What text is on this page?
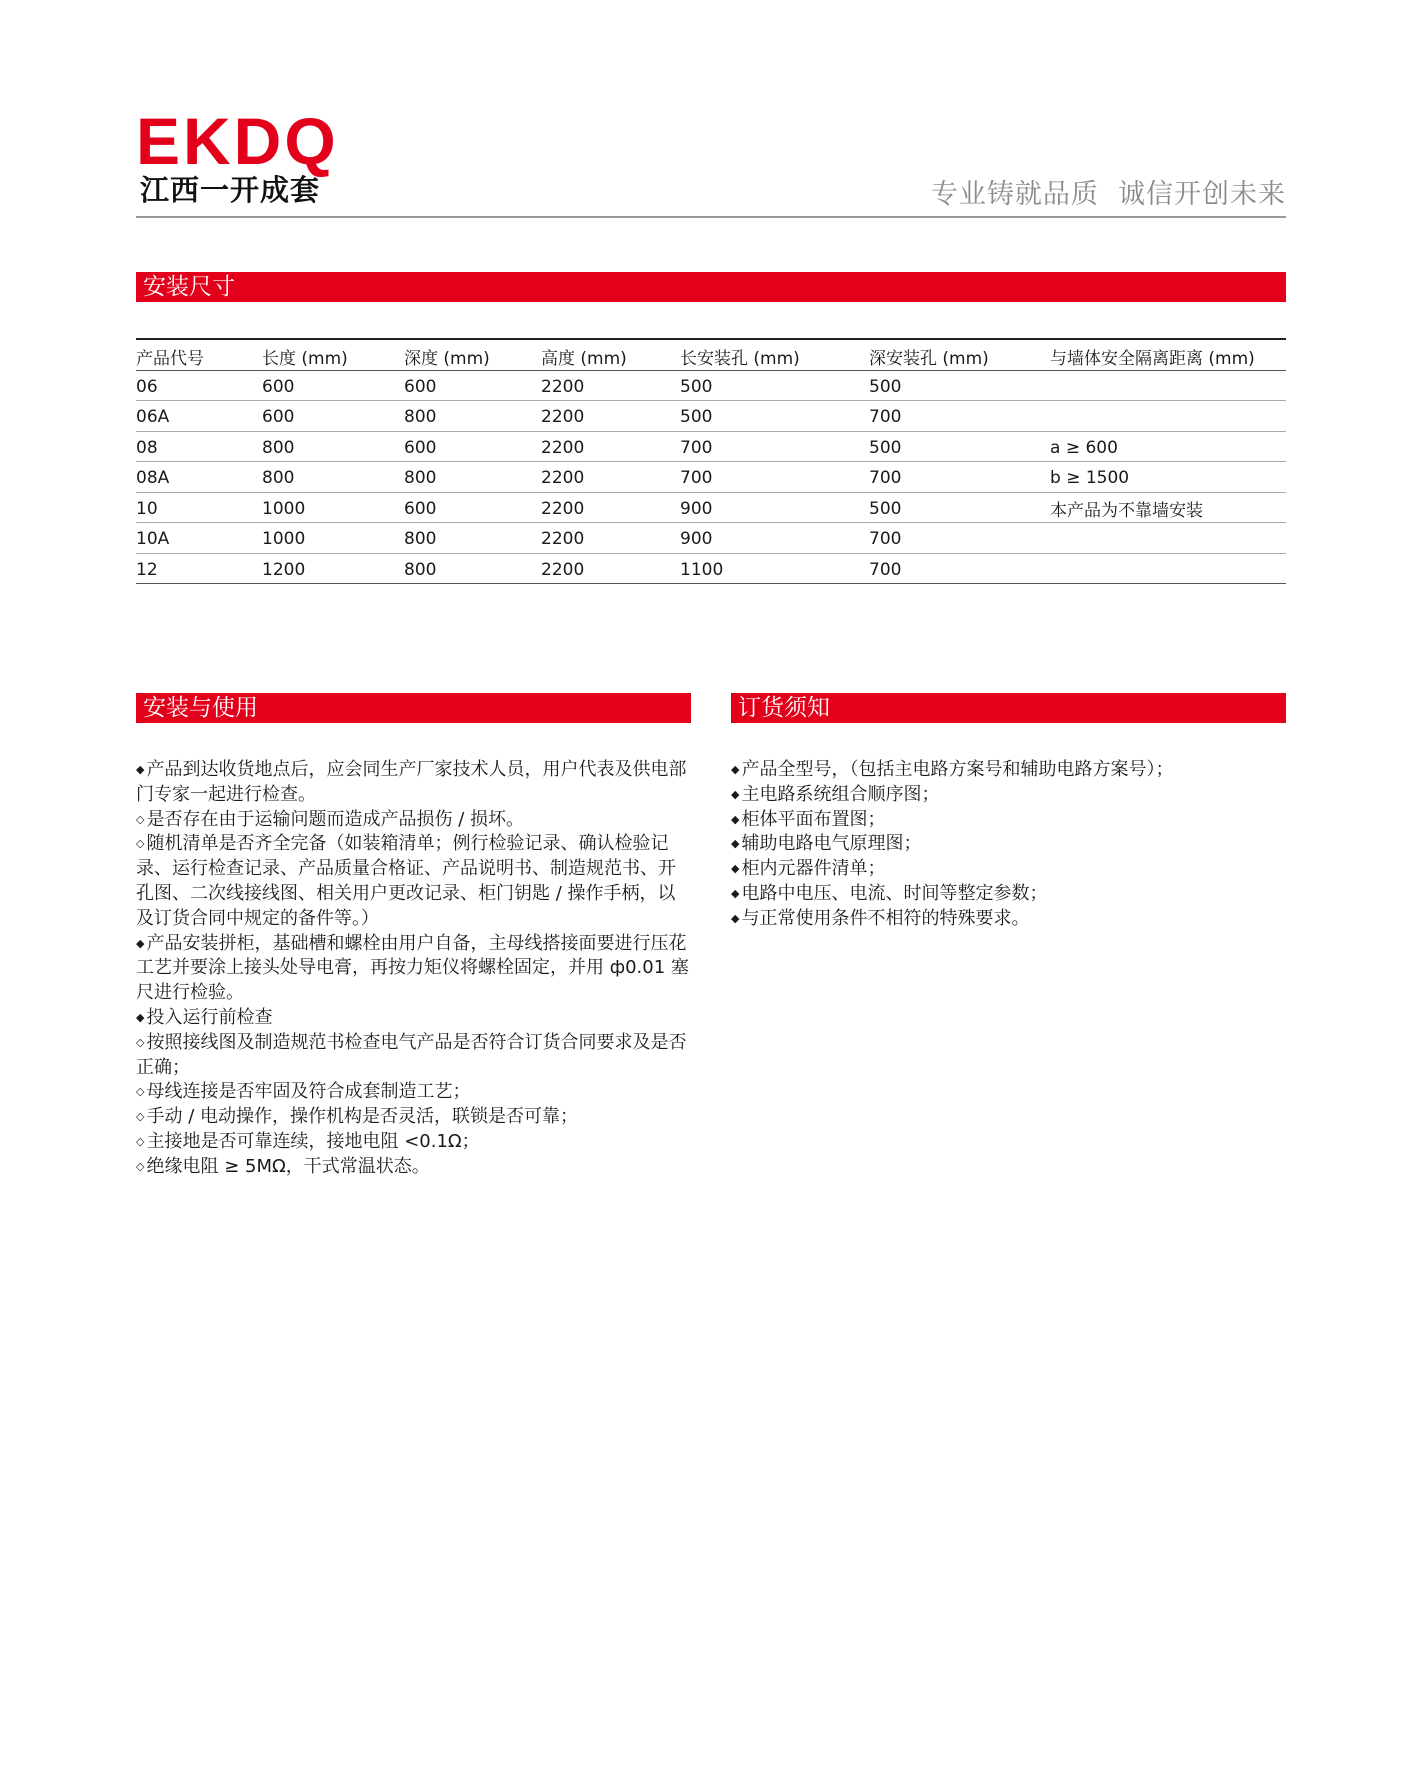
EKDQ
江西一开成套	专业铸就品质  诚信开创未来
安装尺寸
产品代号	长度 (mm)	深度 (mm)	高度 (mm)	长安装孔 (mm)	深安装孔 (mm)	与墙体安全隔离距离 (mm)
06	600	600	2200	500	500	
06A	600	800	2200	500	700	
08	800	600	2200	700	500	a ≥ 600
08A	800	800	2200	700	700	b ≥ 1500
10	1000	600	2200	900	500	本产品为不靠墙安装
10A	1000	800	2200	900	700	
12	1200	800	2200	1100	700	
安装与使用	订货须知
◆ 产品到达收货地点后，应会同生产厂家技术人员，用户代表及供电部门专家一起进行检查。
◇ 是否存在由于运输问题而造成产品损伤 / 损坏。
◇ 随机清单是否齐全完备（如装箱清单；例行检验记录、确认检验记录、运行检查记录、产品质量合格证、产品说明书、制造规范书、开孔图、二次线接线图、相关用户更改记录、柜门钥匙 / 操作手柄，以及订货合同中规定的备件等。）
◆ 产品安装拼柜，基础槽和螺栓由用户自备，主母线搭接面要进行压花工艺并要涂上接头处导电膏，再按力矩仪将螺栓固定，并用 ф0.01 塞尺进行检验。
◆ 投入运行前检查
◇ 按照接线图及制造规范书检查电气产品是否符合订货合同要求及是否正确；
◇ 母线连接是否牢固及符合成套制造工艺；
◇ 手动 / 电动操作，操作机构是否灵活，联锁是否可靠；
◇ 主接地是否可靠连续，接地电阻 <0.1Ω；
◇ 绝缘电阻 ≥ 5MΩ，干式常温状态。
◆ 产品全型号，（包括主电路方案号和辅助电路方案号）；
◆ 主电路系统组合顺序图；
◆ 柜体平面布置图；
◆ 辅助电路电气原理图；
◆ 柜内元器件清单；
◆ 电路中电压、电流、时间等整定参数；
◆ 与正常使用条件不相符的特殊要求。
